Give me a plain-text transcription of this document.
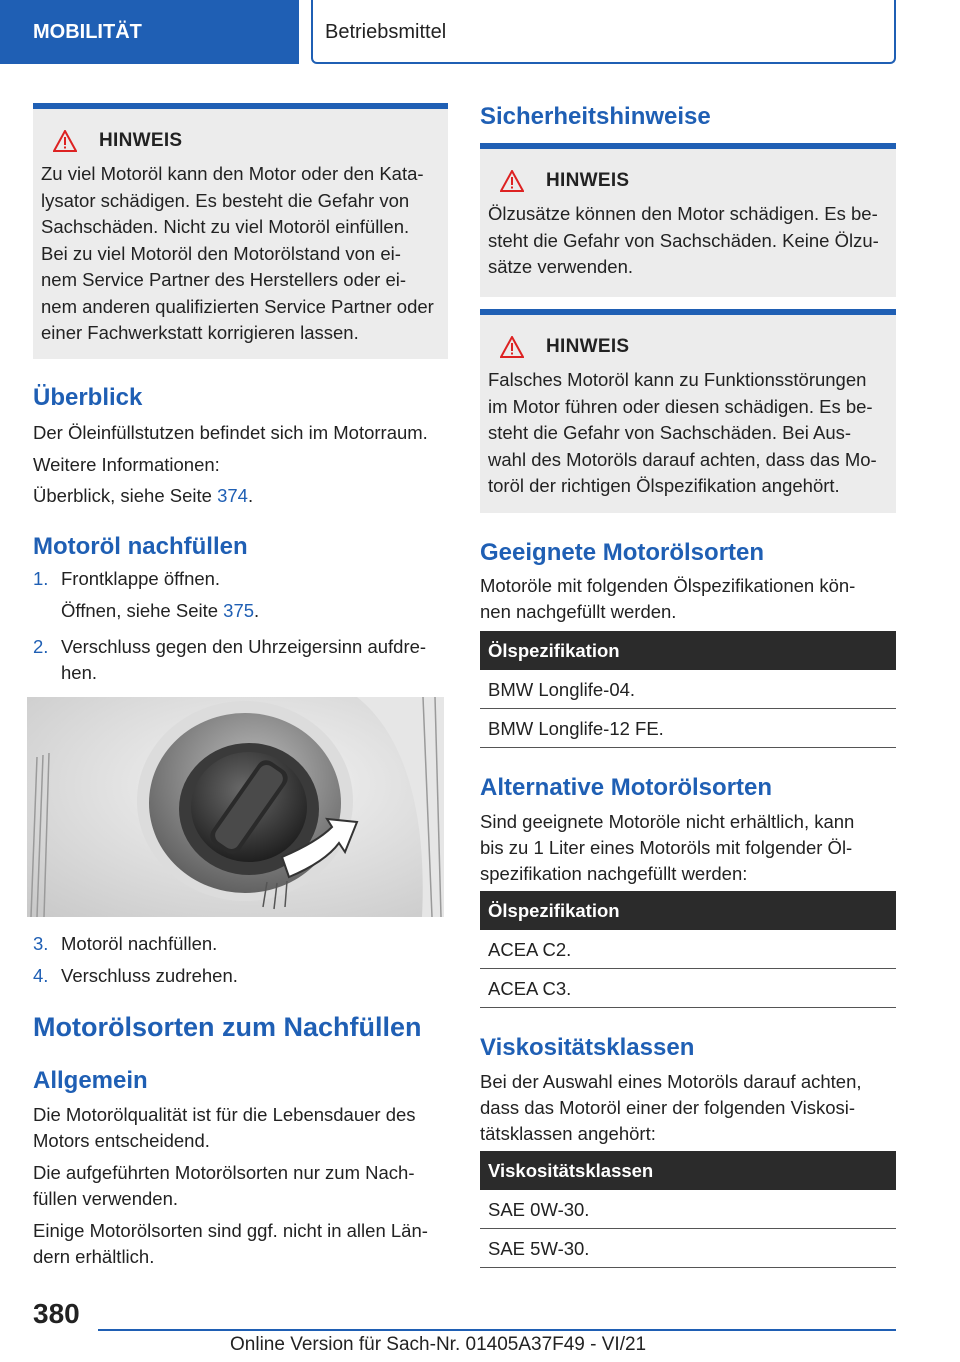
MOBILITÄT	Betriebsmittel
HINWEIS
Zu viel Motoröl kann den Motor oder den Kata-
lysator schädigen. Es besteht die Gefahr von
Sachschäden. Nicht zu viel Motoröl einfüllen.
Bei zu viel Motoröl den Motorölstand von ei-
nem Service Partner des Herstellers oder ei-
nem anderen qualifizierten Service Partner oder
einer Fachwerkstatt korrigieren lassen.
Überblick
Der Öleinfüllstutzen befindet sich im Motorraum.
Weitere Informationen:
Überblick, siehe Seite 374.
Motoröl nachfüllen
1. Frontklappe öffnen.
Öffnen, siehe Seite 375.
2. Verschluss gegen den Uhrzeigersinn aufdre-
hen.
3. Motoröl nachfüllen.
4. Verschluss zudrehen.
Motorölsorten zum Nachfüllen
Allgemein
Die Motorölqualität ist für die Lebensdauer des
Motors entscheidend.
Die aufgeführten Motorölsorten nur zum Nach-
füllen verwenden.
Einige Motorölsorten sind ggf. nicht in allen Län-
dern erhältlich.
Sicherheitshinweise
HINWEIS
Ölzusätze können den Motor schädigen. Es be-
steht die Gefahr von Sachschäden. Keine Ölzu-
sätze verwenden.
HINWEIS
Falsches Motoröl kann zu Funktionsstörungen
im Motor führen oder diesen schädigen. Es be-
steht die Gefahr von Sachschäden. Bei Aus-
wahl des Motoröls darauf achten, dass das Mo-
toröl der richtigen Ölspezifikation angehört.
Geeignete Motorölsorten
Motoröle mit folgenden Ölspezifikationen kön-
nen nachgefüllt werden.
Ölspezifikation
BMW Longlife-04.
BMW Longlife-12 FE.
Alternative Motorölsorten
Sind geeignete Motoröle nicht erhältlich, kann
bis zu 1 Liter eines Motoröls mit folgender Öl-
spezifikation nachgefüllt werden:
Ölspezifikation
ACEA C2.
ACEA C3.
Viskositätsklassen
Bei der Auswahl eines Motoröls darauf achten,
dass das Motoröl einer der folgenden Viskosi-
tätsklassen angehört:
Viskositätsklassen
SAE 0W-30.
SAE 5W-30.
380
Online Version für Sach-Nr. 01405A37F49 - VI/21
